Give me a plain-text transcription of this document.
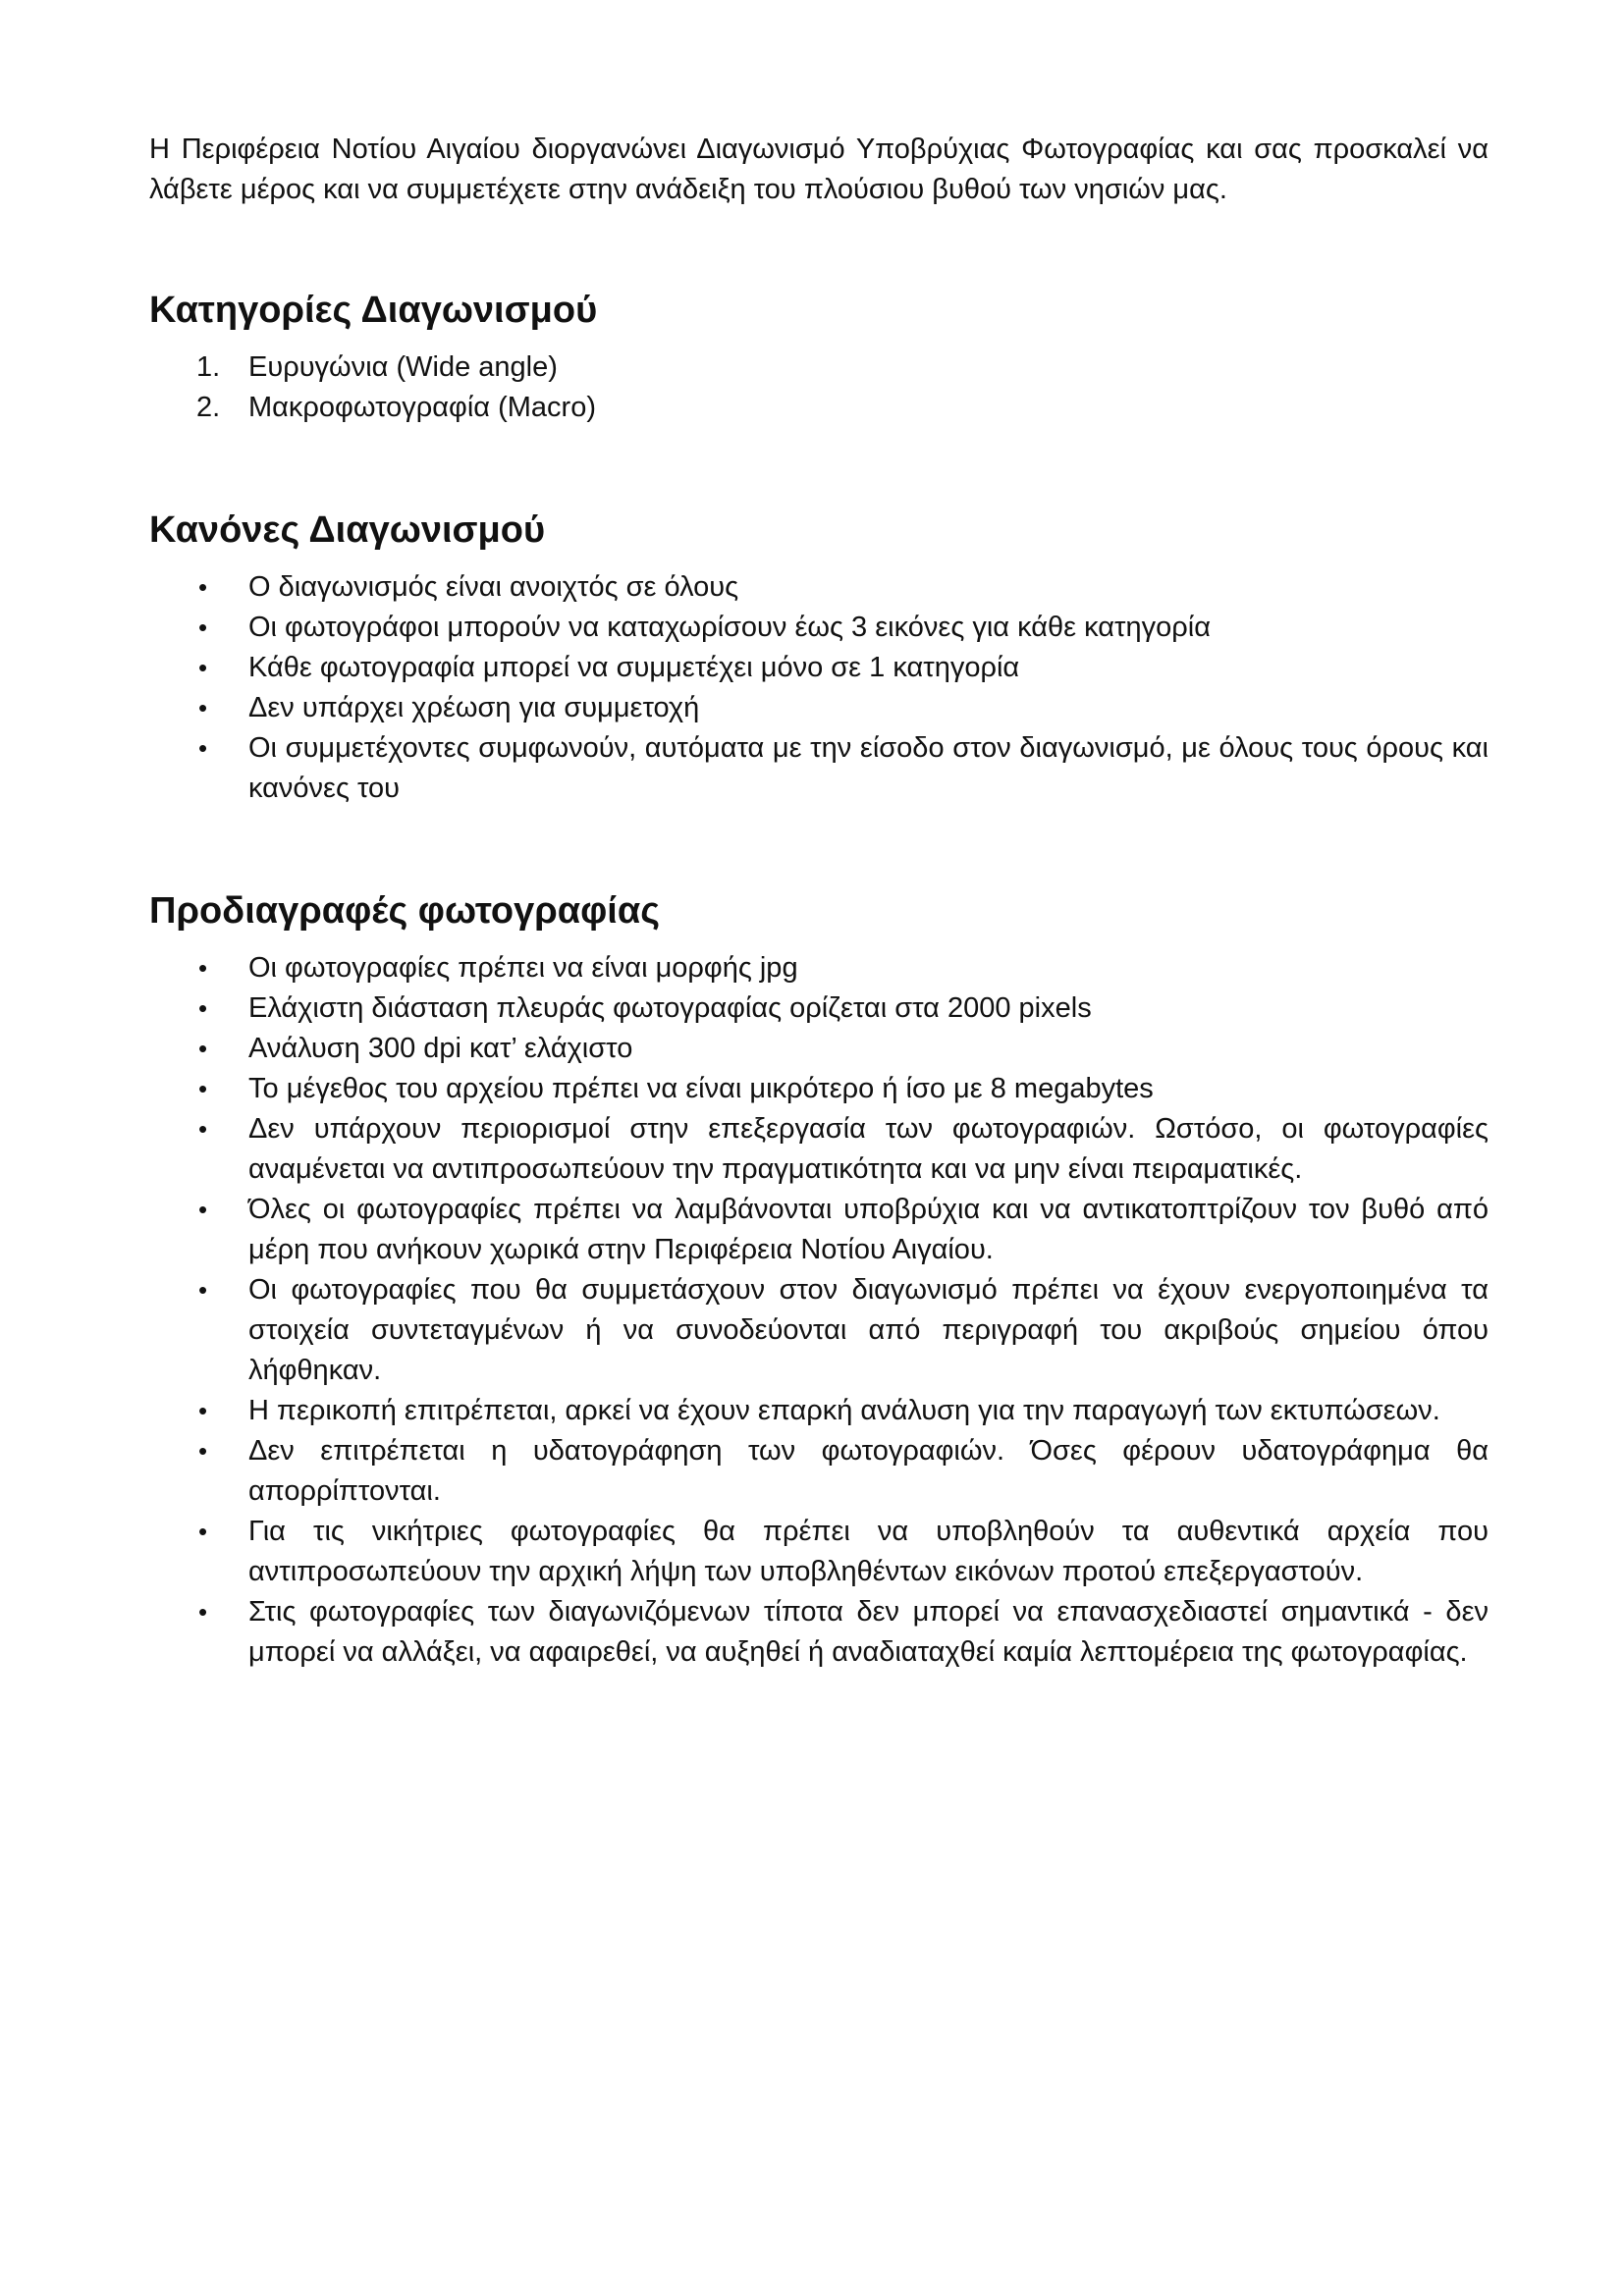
Η Περιφέρεια Νοτίου Αιγαίου διοργανώνει Διαγωνισμό Υποβρύχιας Φωτογραφίας και σας προσκαλεί να λάβετε μέρος και να συμμετέχετε στην ανάδειξη του πλούσιου βυθού των νησιών μας.

Κατηγορίες Διαγωνισμού
1. Ευρυγώνια (Wide angle)
2. Μακροφωτογραφία (Macro)
Κανόνες Διαγωνισμού
• Ο διαγωνισμός είναι ανοιχτός σε όλους
• Οι φωτογράφοι μπορούν να καταχωρίσουν έως 3 εικόνες για κάθε κατηγορία
• Κάθε φωτογραφία μπορεί να συμμετέχει μόνο σε 1 κατηγορία
• Δεν υπάρχει χρέωση για συμμετοχή
• Οι συμμετέχοντες συμφωνούν, αυτόματα με την είσοδο στον διαγωνισμό, με όλους τους όρους και κανόνες του
Προδιαγραφές φωτογραφίας
• Οι φωτογραφίες πρέπει να είναι μορφής jpg
• Ελάχιστη διάσταση πλευράς φωτογραφίας ορίζεται στα 2000 pixels
• Ανάλυση 300 dpi κατ’ ελάχιστο
• Το μέγεθος του αρχείου πρέπει να είναι μικρότερο ή ίσο με 8 megabytes
• Δεν υπάρχουν περιορισμοί στην επεξεργασία των φωτογραφιών. Ωστόσο, οι φωτογραφίες αναμένεται να αντιπροσωπεύουν την πραγματικότητα και να μην είναι πειραματικές.
• Όλες οι φωτογραφίες πρέπει να λαμβάνονται υποβρύχια και να αντικατοπτρίζουν τον βυθό από μέρη που ανήκουν χωρικά στην Περιφέρεια Νοτίου Αιγαίου.
• Οι φωτογραφίες που θα συμμετάσχουν στον διαγωνισμό πρέπει να έχουν ενεργοποιημένα τα στοιχεία συντεταγμένων ή να συνοδεύονται από περιγραφή του ακριβούς σημείου όπου λήφθηκαν.
• Η περικοπή επιτρέπεται, αρκεί να έχουν επαρκή ανάλυση για την παραγωγή των εκτυπώσεων.
• Δεν επιτρέπεται η υδατογράφηση των φωτογραφιών. Όσες φέρουν υδατογράφημα θα απορρίπτονται.
• Για τις νικήτριες φωτογραφίες θα πρέπει να υποβληθούν τα αυθεντικά αρχεία που αντιπροσωπεύουν την αρχική λήψη των υποβληθέντων εικόνων προτού επεξεργαστούν.
• Στις φωτογραφίες των διαγωνιζόμενων τίποτα δεν μπορεί να επανασχεδιαστεί σημαντικά - δεν μπορεί να αλλάξει, να αφαιρεθεί, να αυξηθεί ή αναδιαταχθεί καμία λεπτομέρεια της φωτογραφίας.
